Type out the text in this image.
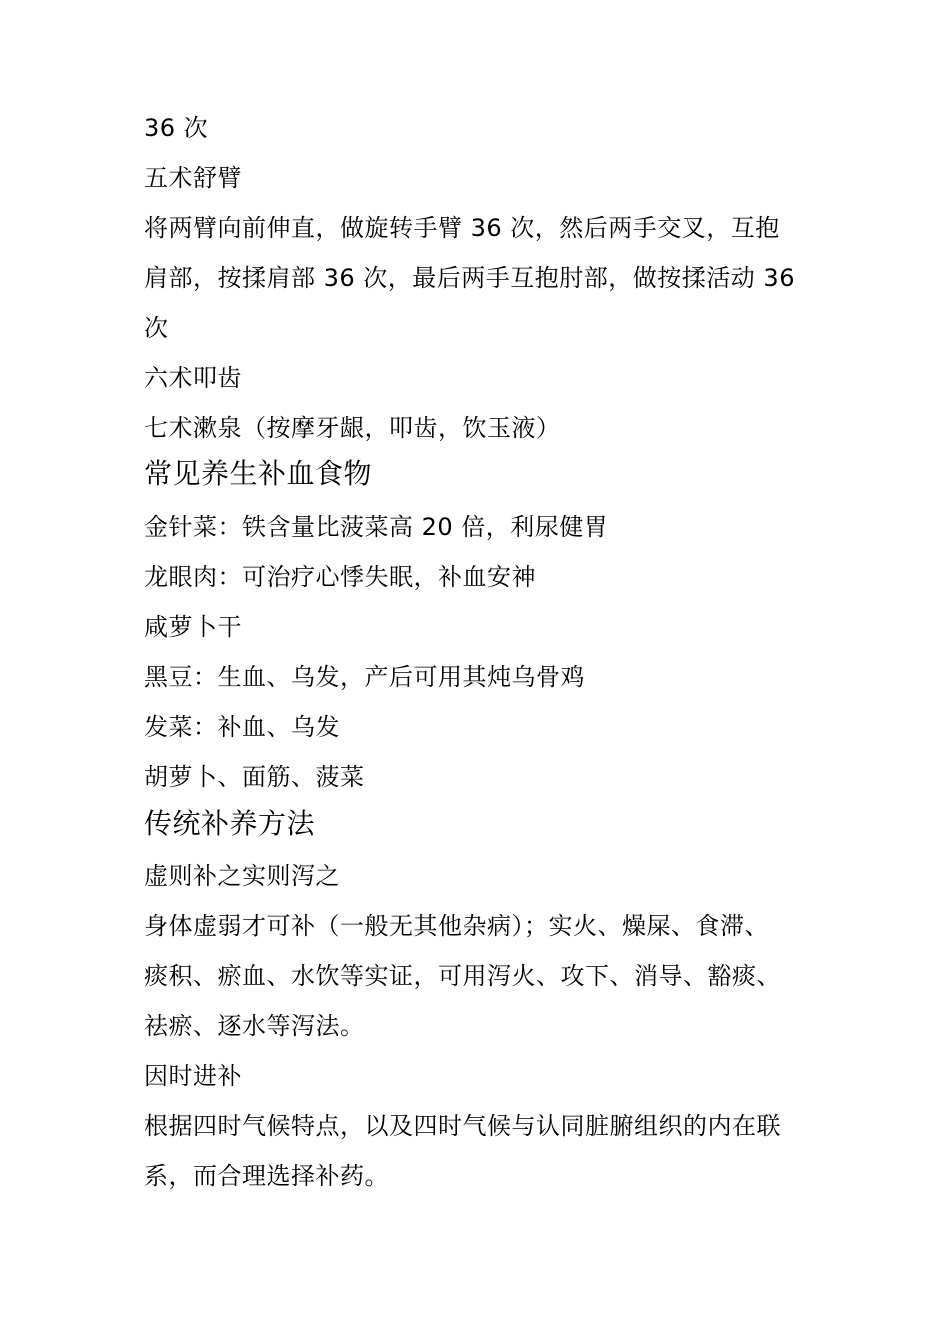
36 次
五术舒臂
将两臂向前伸直，做旋转手臂 36 次，然后两手交叉，互抱
肩部，按揉肩部 36 次，最后两手互抱肘部，做按揉活动 36
次
六术叩齿
七术漱泉（按摩牙龈，叩齿，饮玉液）
常见养生补血食物
金针菜：铁含量比菠菜高 20 倍，利尿健胃
龙眼肉：可治疗心悸失眠，补血安神
咸萝卜干
黑豆：生血、乌发，产后可用其炖乌骨鸡
发菜：补血、乌发
胡萝卜、面筋、菠菜
传统补养方法
虚则补之实则泻之
身体虚弱才可补（一般无其他杂病）；实火、燥屎、食滞、
痰积、瘀血、水饮等实证，可用泻火、攻下、消导、豁痰、
祛瘀、逐水等泻法。
因时进补
根据四时气候特点，以及四时气候与认同脏腑组织的内在联
系，而合理选择补药。
